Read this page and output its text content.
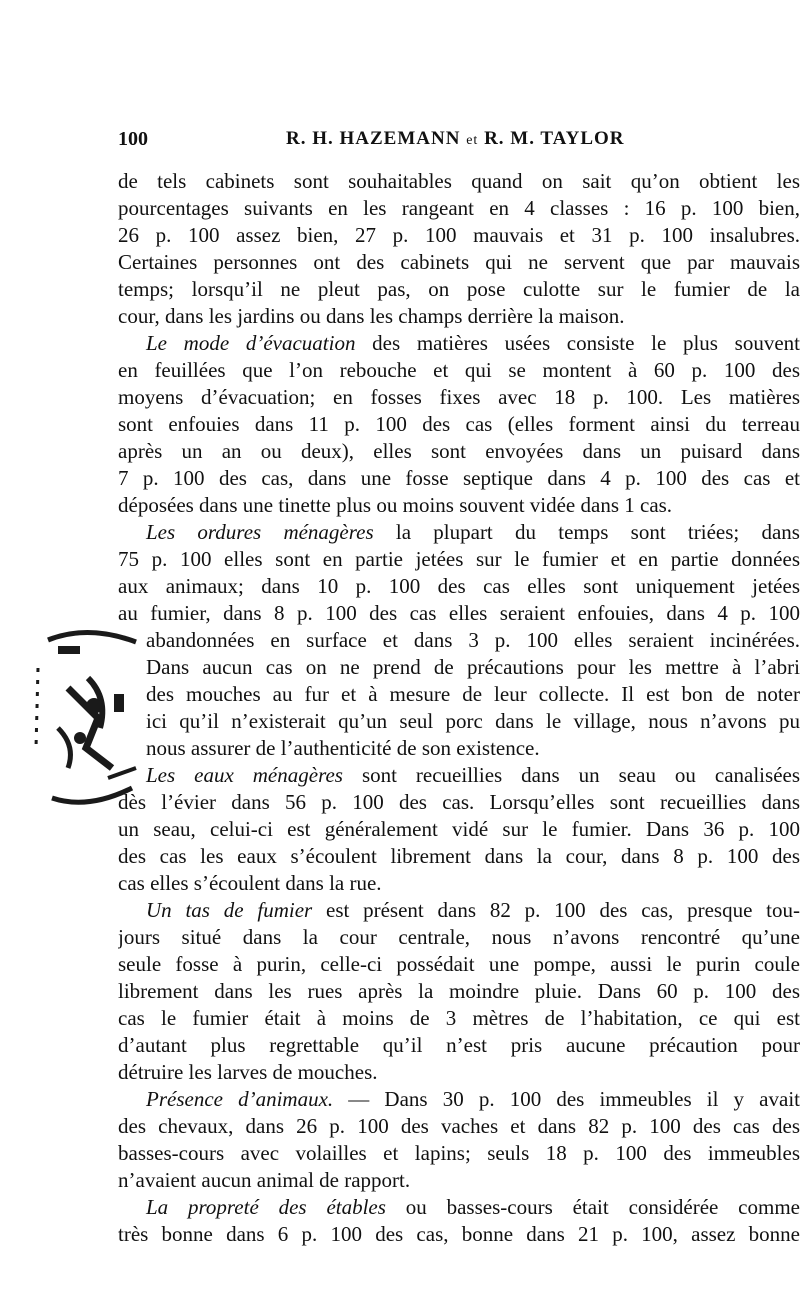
100	R. H. HAZEMANN et R. M. TAYLOR
de tels cabinets sont souhaitables quand on sait qu’on obtient les
pourcentages suivants en les rangeant en 4 classes : 16 p. 100 bien,
26 p. 100 assez bien, 27 p. 100 mauvais et 31 p. 100 insalubres.
Certaines personnes ont des cabinets qui ne servent que par mauvais
temps; lorsqu’il ne pleut pas, on pose culotte sur le fumier de la
cour, dans les jardins ou dans les champs derrière la maison.
Le mode d’évacuation des matières usées consiste le plus souvent
en feuillées que l’on rebouche et qui se montent à 60 p. 100 des
moyens d’évacuation; en fosses fixes avec 18 p. 100. Les matières
sont enfouies dans 11 p. 100 des cas (elles forment ainsi du terreau
après un an ou deux), elles sont envoyées dans un puisard dans
7 p. 100 des cas, dans une fosse septique dans 4 p. 100 des cas et
déposées dans une tinette plus ou moins souvent vidée dans 1 cas.
Les ordures ménagères la plupart du temps sont triées; dans
75 p. 100 elles sont en partie jetées sur le fumier et en partie données
aux animaux; dans 10 p. 100 des cas elles sont uniquement jetées
au fumier, dans 8 p. 100 des cas elles seraient enfouies, dans 4 p. 100
abandonnées en surface et dans 3 p. 100 elles seraient incinérées.
Dans aucun cas on ne prend de précautions pour les mettre à l’abri
des mouches au fur et à mesure de leur collecte. Il est bon de noter
ici qu’il n’existerait qu’un seul porc dans le village, nous n’avons pu
nous assurer de l’authenticité de son existence.
Les eaux ménagères sont recueillies dans un seau ou canalisées
dès l’évier dans 56 p. 100 des cas. Lorsqu’elles sont recueillies dans
un seau, celui-ci est généralement vidé sur le fumier. Dans 36 p. 100
des cas les eaux s’écoulent librement dans la cour, dans 8 p. 100 des
cas elles s’écoulent dans la rue.
Un tas de fumier est présent dans 82 p. 100 des cas, presque tou-
jours situé dans la cour centrale, nous n’avons rencontré qu’une
seule fosse à purin, celle-ci possédait une pompe, aussi le purin coule
librement dans les rues après la moindre pluie. Dans 60 p. 100 des
cas le fumier était à moins de 3 mètres de l’habitation, ce qui est
d’autant plus regrettable qu’il n’est pris aucune précaution pour
détruire les larves de mouches.
Présence d’animaux. — Dans 30 p. 100 des immeubles il y avait
des chevaux, dans 26 p. 100 des vaches et dans 82 p. 100 des cas des
basses-cours avec volailles et lapins; seuls 18 p. 100 des immeubles
n’avaient aucun animal de rapport.
La propreté des étables ou basses-cours était considérée comme
très bonne dans 6 p. 100 des cas, bonne dans 21 p. 100, assez bonne
